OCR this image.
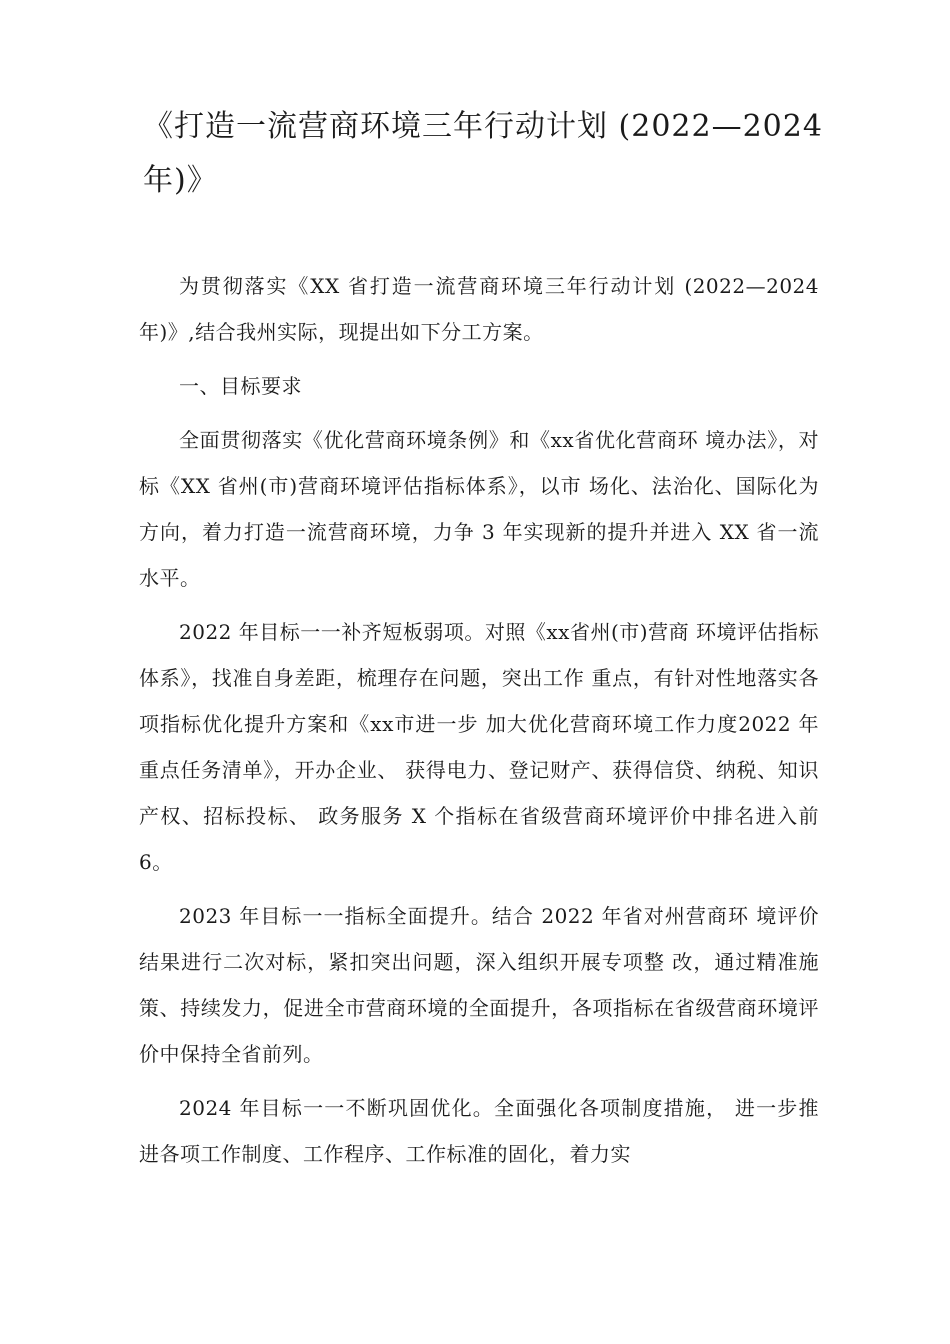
《打造一流营商环境三年行动计划 (2022—2024 年)》

为贯彻落实《XX 省打造一流营商环境三年行动计划 (2022—2024 年)》,结合我州实际，现提出如下分工方案。

一、目标要求

全面贯彻落实《优化营商环境条例》和《xx省优化营商环 境办法》，对标《XX 省州(市)营商环境评估指标体系》，以市 场化、法治化、国际化为方向，着力打造一流营商环境，力争 3 年实现新的提升并进入 XX 省一流水平。

2022 年目标一一补齐短板弱项。对照《xx省州(市)营商 环境评估指标体系》，找准自身差距，梳理存在问题，突出工作 重点，有针对性地落实各项指标优化提升方案和《xx市进一步 加大优化营商环境工作力度2022 年重点任务清单》，开办企业、 获得电力、登记财产、获得信贷、纳税、知识产权、招标投标、 政务服务 X 个指标在省级营商环境评价中排名进入前 6。

2023 年目标一一指标全面提升。结合 2022 年省对州营商环 境评价结果进行二次对标，紧扣突出问题，深入组织开展专项整 改，通过精准施策、持续发力，促进全市营商环境的全面提升，各项指标在省级营商环境评价中保持全省前列。

2024 年目标一一不断巩固优化。全面强化各项制度措施， 进一步推进各项工作制度、工作程序、工作标准的固化，着力实
